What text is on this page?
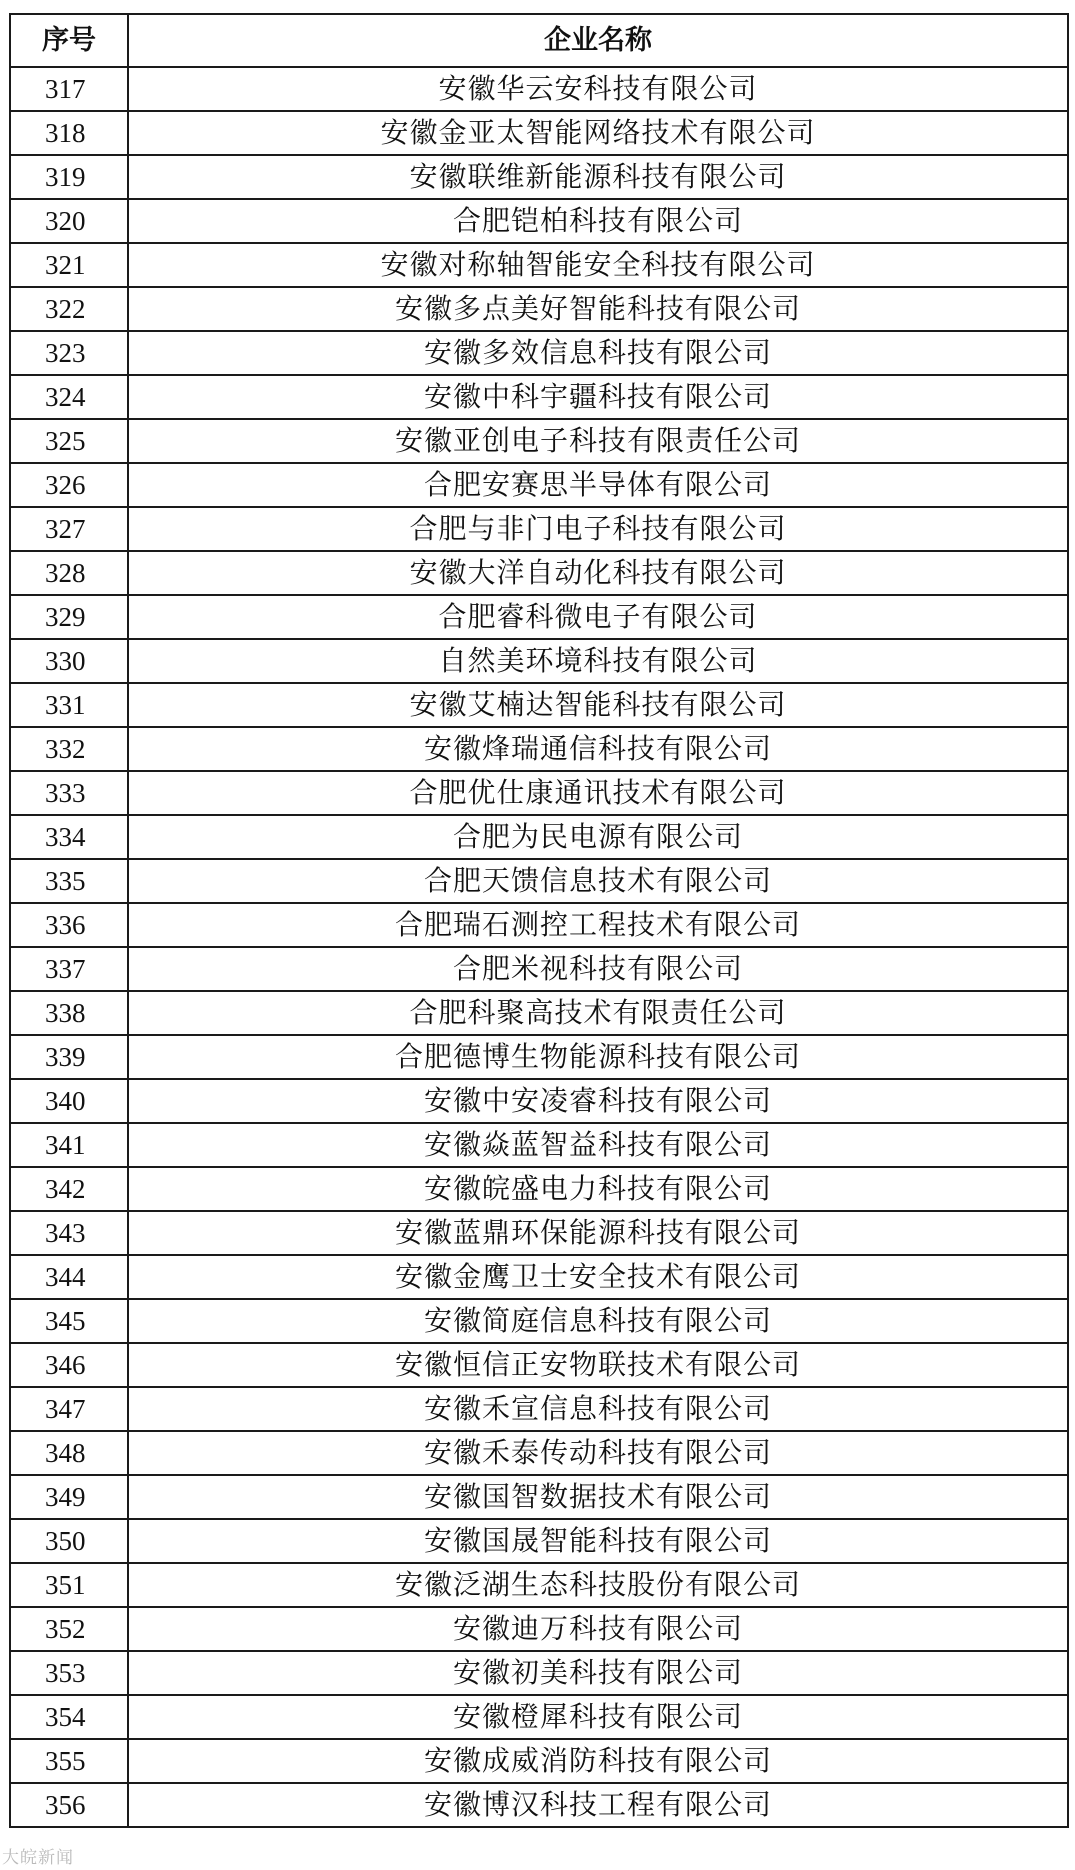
序号	企业名称
317	安徽华云安科技有限公司
318	安徽金亚太智能网络技术有限公司
319	安徽联维新能源科技有限公司
320	合肥铠柏科技有限公司
321	安徽对称轴智能安全科技有限公司
322	安徽多点美好智能科技有限公司
323	安徽多效信息科技有限公司
324	安徽中科宇疆科技有限公司
325	安徽亚创电子科技有限责任公司
326	合肥安赛思半导体有限公司
327	合肥与非门电子科技有限公司
328	安徽大洋自动化科技有限公司
329	合肥睿科微电子有限公司
330	自然美环境科技有限公司
331	安徽艾楠达智能科技有限公司
332	安徽烽瑞通信科技有限公司
333	合肥优仕康通讯技术有限公司
334	合肥为民电源有限公司
335	合肥天馈信息技术有限公司
336	合肥瑞石测控工程技术有限公司
337	合肥米视科技有限公司
338	合肥科聚高技术有限责任公司
339	合肥德博生物能源科技有限公司
340	安徽中安凌睿科技有限公司
341	安徽焱蓝智益科技有限公司
342	安徽皖盛电力科技有限公司
343	安徽蓝鼎环保能源科技有限公司
344	安徽金鹰卫士安全技术有限公司
345	安徽简庭信息科技有限公司
346	安徽恒信正安物联技术有限公司
347	安徽禾宣信息科技有限公司
348	安徽禾泰传动科技有限公司
349	安徽国智数据技术有限公司
350	安徽国晟智能科技有限公司
351	安徽泛湖生态科技股份有限公司
352	安徽迪万科技有限公司
353	安徽初美科技有限公司
354	安徽橙犀科技有限公司
355	安徽成威消防科技有限公司
356	安徽博汉科技工程有限公司
大皖新闻
